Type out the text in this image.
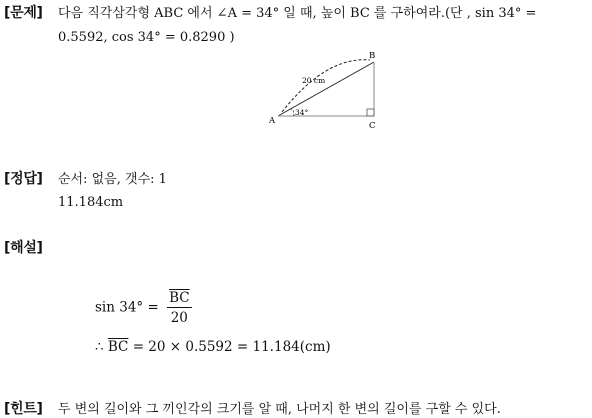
[문제] 다음 직각삼각형 ABC 에서 ∠A = 34° 일 때, 높이 BC 를 구하여라.(단 , sin 34° =
0.5592, cos 34° = 0.8290 )
A
B
C
20 cm
34°
[정답] 순서: 없음, 갯수: 1
11.184cm
[해설]
$\sin 34^\circ = \frac{\overline{BC}}{20}$
∴ $\overline{BC} = 20 \times 0.5592 = 11.184(cm)$
[힌트] 두 변의 길이와 그 끼인각의 크기를 알 때, 나머지 한 변의 길이를 구할 수 있다.
